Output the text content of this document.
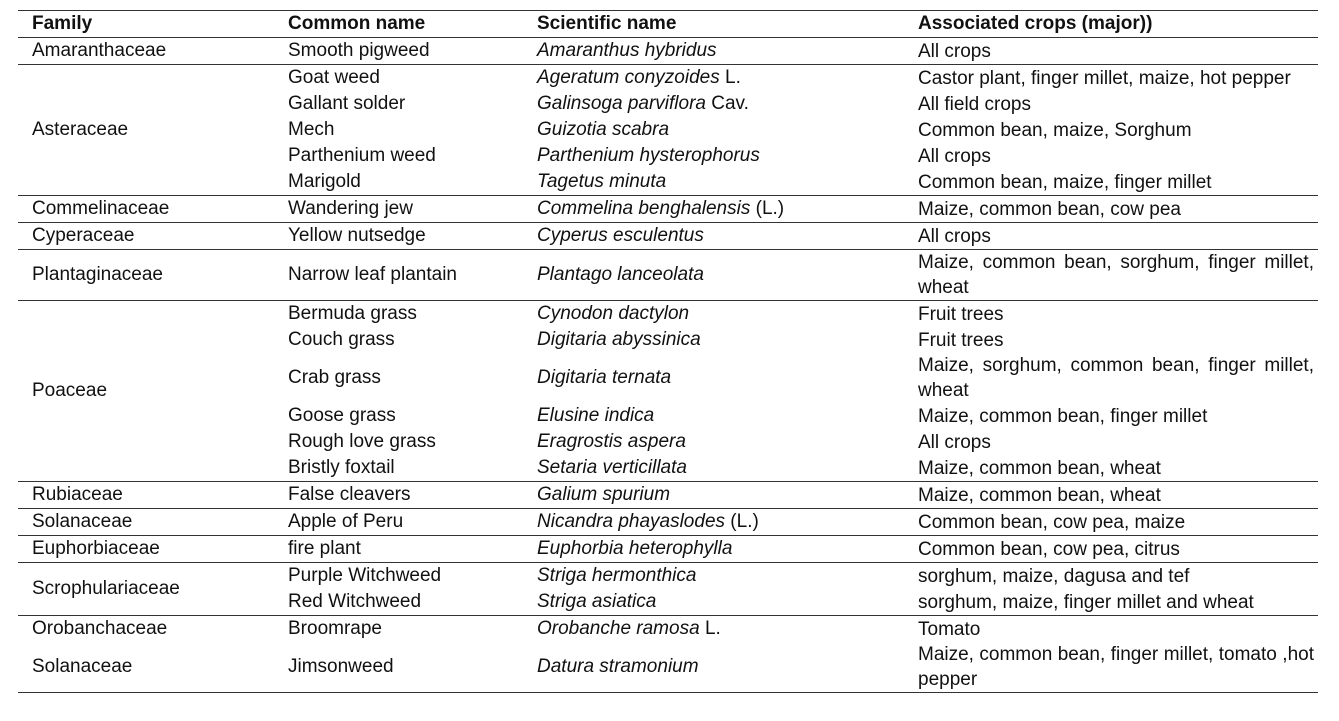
Family	Common name	Scientific name	Associated crops (major))
Amaranthaceae	Smooth pigweed	Amaranthus hybridus	All crops
Asteraceae	Goat weed	Ageratum conyzoides L.	Castor plant, finger millet, maize, hot pepper
	Gallant solder	Galinsoga parviflora Cav.	All field crops
	Mech	Guizotia scabra	Common bean, maize, Sorghum
	Parthenium weed	Parthenium hysterophorus	All crops
	Marigold	Tagetus minuta	Common bean, maize, finger millet
Commelinaceae	Wandering jew	Commelina benghalensis (L.)	Maize, common bean, cow pea
Cyperaceae	Yellow nutsedge	Cyperus esculentus	All crops
Plantaginaceae	Narrow leaf plantain	Plantago lanceolata	Maize, common bean, sorghum, finger millet, wheat
Poaceae	Bermuda grass	Cynodon dactylon	Fruit trees
	Couch grass	Digitaria abyssinica	Fruit trees
	Crab grass	Digitaria ternata	Maize, sorghum, common bean, finger millet, wheat
	Goose grass	Elusine indica	Maize, common bean, finger millet
	Rough love grass	Eragrostis aspera	All crops
	Bristly foxtail	Setaria verticillata	Maize, common bean, wheat
Rubiaceae	False cleavers	Galium spurium	Maize, common bean, wheat
Solanaceae	Apple of Peru	Nicandra phayaslodes (L.)	Common bean, cow pea, maize
Euphorbiaceae	fire plant	Euphorbia heterophylla	Common bean, cow pea, citrus
Scrophulariaceae	Purple Witchweed	Striga hermonthica	sorghum, maize, dagusa and tef
	Red Witchweed	Striga asiatica	sorghum, maize, finger millet and wheat
Orobanchaceae	Broomrape	Orobanche ramosa L.	Tomato
Solanaceae	Jimsonweed	Datura stramonium	Maize, common bean, finger millet, tomato ,hot pepper
